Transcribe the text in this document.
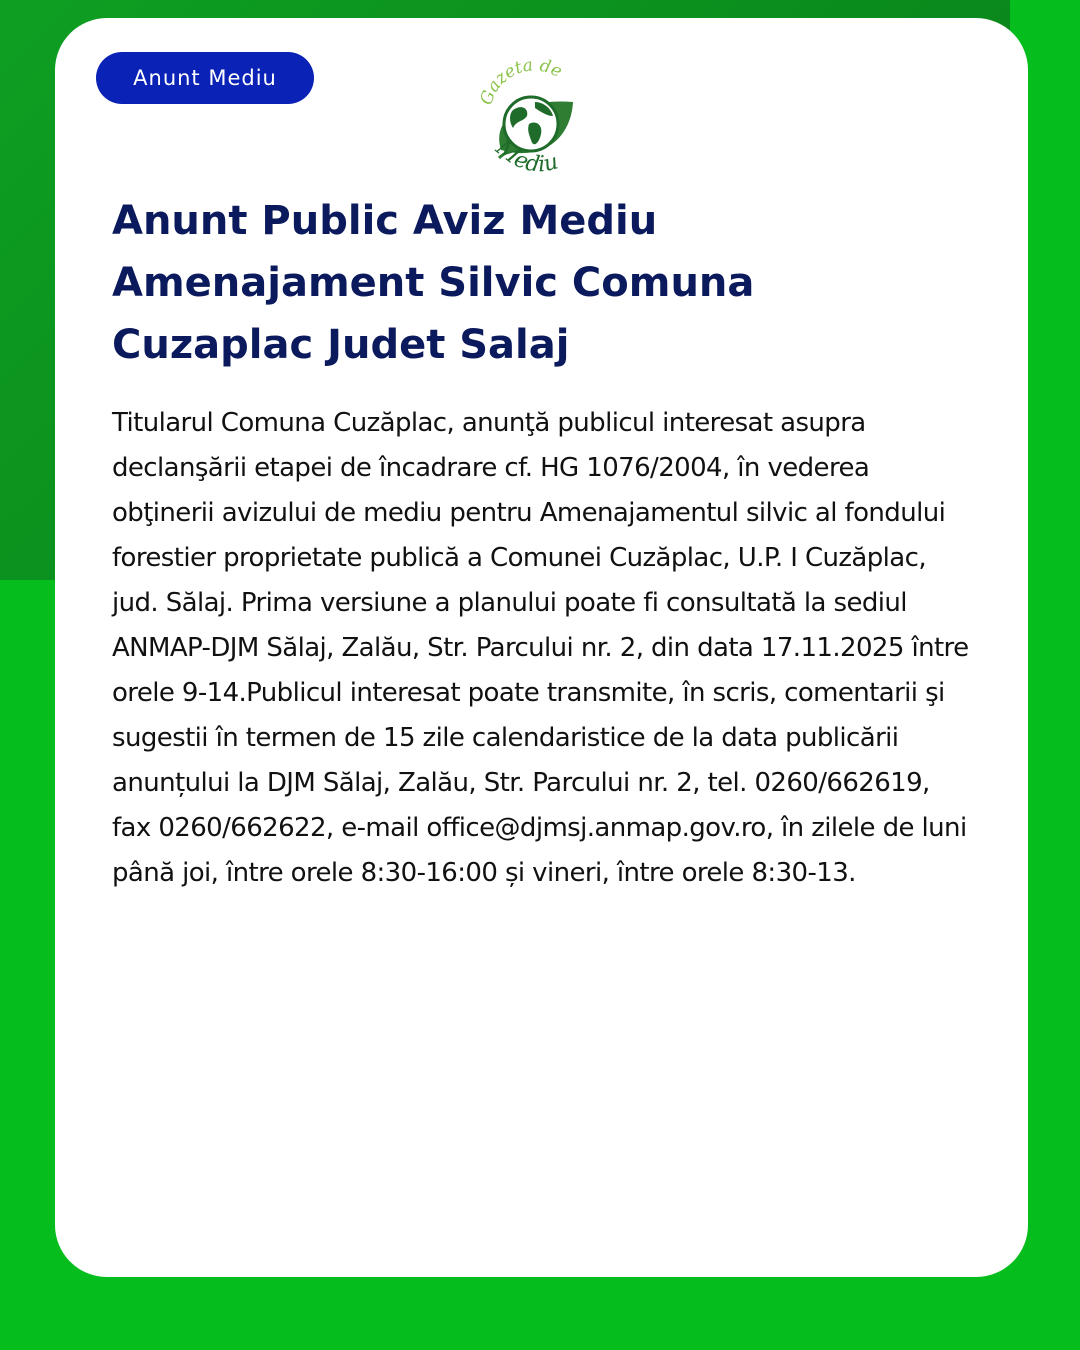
Anunt Mediu
Gazeta de
Mediu
Anunt Public Aviz Mediu Amenajament Silvic Comuna Cuzaplac Judet Salaj

Titularul Comuna Cuzăplac, anunţă publicul interesat asupra declanşării etapei de încadrare cf. HG 1076/2004, în vederea obţinerii avizului de mediu pentru Amenajamentul silvic al fondului forestier proprietate publică a Comunei Cuzăplac, U.P. I Cuzăplac, jud. Sălaj. Prima versiune a planului poate fi consultată la sediul ANMAP-DJM Sălaj, Zalău, Str. Parcului nr. 2, din data 17.11.2025 între orele 9-14.Publicul interesat poate transmite, în scris, comentarii şi sugestii în termen de 15 zile calendaristice de la data publicării anunțului la DJM Sălaj, Zalău, Str. Parcului nr. 2, tel. 0260/662619, fax 0260/662622, e-mail office@djmsj.anmap.gov.ro, în zilele de luni până joi, între orele 8:30-16:00 și vineri, între orele 8:30-13.
